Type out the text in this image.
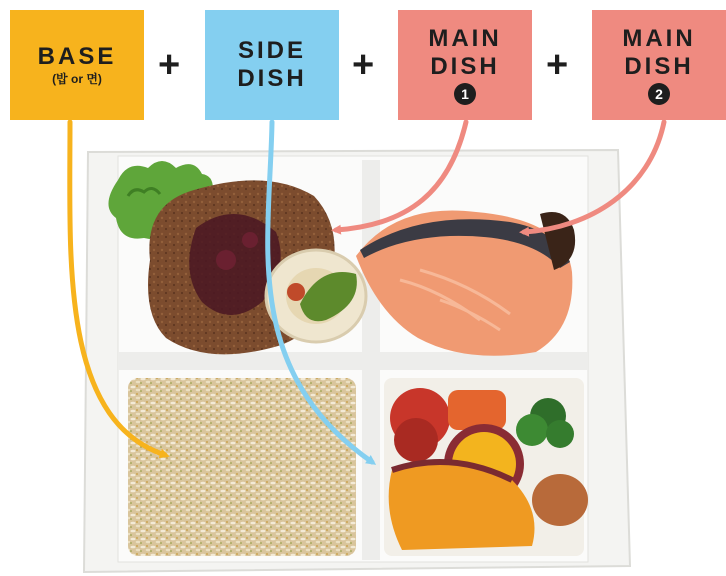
BASE
(밥 or 면) + SIDE
DISH +
MAIN
DISH
1
+
MAIN
DISH
2
